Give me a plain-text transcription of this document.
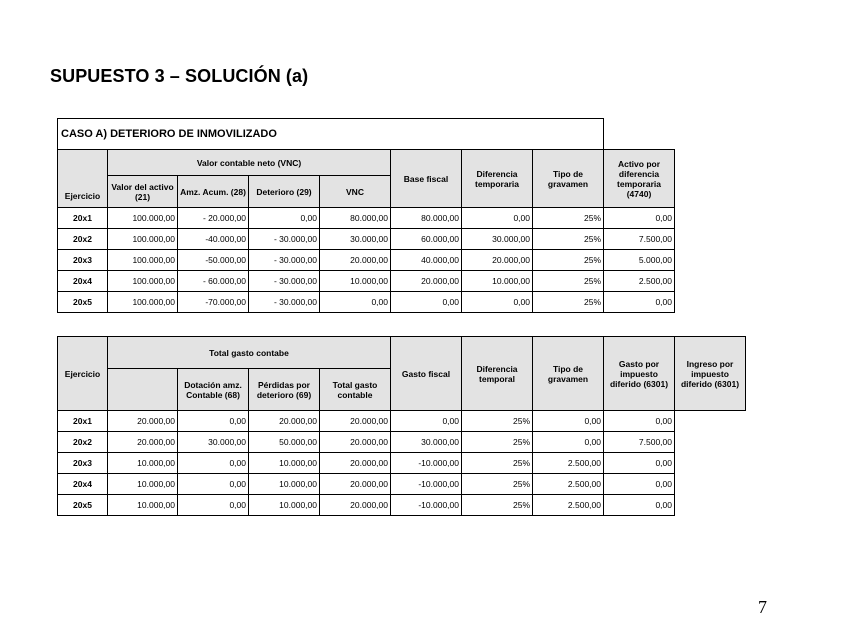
SUPUESTO 3 – SOLUCIÓN (a)
CASO A) DETERIORO DE INMOVILIZADO								
Ejercicio	Valor contable neto (VNC)				Base fiscal	Diferencia temporaria	Tipo de gravamen	Activo por diferencia temporaria (4740)
	Valor del activo (21)	Amz. Acum. (28)	Deterioro (29)	VNC				
20x1	100.000,00	- 20.000,00	0,00	80.000,00	80.000,00	0,00	25%	0,00
20x2	100.000,00	-40.000,00	- 30.000,00	30.000,00	60.000,00	30.000,00	25%	7.500,00
20x3	100.000,00	-50.000,00	- 30.000,00	20.000,00	40.000,00	20.000,00	25%	5.000,00
20x4	100.000,00	- 60.000,00	- 30.000,00	10.000,00	20.000,00	10.000,00	25%	2.500,00
20x5	100.000,00	-70.000,00	- 30.000,00	0,00	0,00	0,00	25%	0,00
Ejercicio	Total gasto contabe				Gasto fiscal	Diferencia temporal	Tipo de gravamen	Gasto por impuesto diferido (6301)	Ingreso por impuesto diferido (6301)
		Dotación amz. Contable (68)	Pérdidas por deterioro (69)	Total gasto contable					
20x1	20.000,00	0,00	20.000,00	20.000,00	0,00	25%	0,00	0,00	
20x2	20.000,00	30.000,00	50.000,00	20.000,00	30.000,00	25%	0,00	7.500,00	
20x3	10.000,00	0,00	10.000,00	20.000,00	-10.000,00	25%	2.500,00	0,00	
20x4	10.000,00	0,00	10.000,00	20.000,00	-10.000,00	25%	2.500,00	0,00	
20x5	10.000,00	0,00	10.000,00	20.000,00	-10.000,00	25%	2.500,00	0,00	
7
